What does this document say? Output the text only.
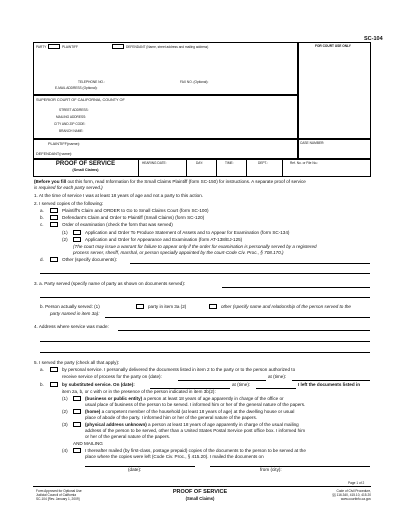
SC-104
FOR COURT USE ONLY
PARTY	PLAINTIFF	DEFENDANT (Name, street address and mailing address)
TELEPHONE NO.:	FAX NO. (Optional):
E-MAIL ADDRESS (Optional):
SUPERIOR COURT OF CALIFORNIA, COUNTY OF
STREET ADDRESS:
MAILING ADDRESS:
CITY AND ZIP CODE:
BRANCH NAME:
CASE NUMBER:
PLAINTIFF(name):
DEFENDANT(name):
PROOF OF SERVICE
(Small Claims)
HEARING DATE:	DAY:	TIME:	DEPT.:	Ref. No. or File No.:
(Before you fill out this form, read Information for the Small Claims Plaintiff (form SC-150) for instructions. A separate proof of service
is required for each party served.)
1. At the time of service I was at least 18 years of age and not a party to this action.
2. I served copies of the following:
a.	Plaintiff's Claim and ORDER to Go to Small Claims Court (form SC-100)
b.	Defendant's Claim and Order to Plaintiff (Small Claims) (form SC-120)
c.	Order of examination (check the form that was served)
(1)	Application and Order To Produce Statement of Assets and to Appear for Examination (form SC-134)
(2)	Application and Order for Appearance and Examination (form AT-138/EJ-125)
(The court may issue a warrant for failure to appear only if the order for examination is personally served by a registered
process server, sheriff, marshal, or person specially appointed by the court-Code Civ. Proc., § 708.170.)
d.	Other (specify documents):
3. a. Party served (specify name of party as shown on documents served):
b. Person actually served: (1)	party in item 3a (2)	other (specify name and relationship of the person served to the
party named in item 3a):
4. Address where service was made:
5. I served the party (check all that apply):
a.	by personal service. I personally delivered the documents listed in item 2 to the party or to the person authorized to
receive service of process for the party on (date):	at (time):
b.	by substituted service. On (date):	at (time):	I left the documents listed in
item 2a, b, or c with or in the presence of the person indicated in item 3b(2):
(1)	(business or public entity) a person at least 18 years of age apparently in charge of the office or
usual place of business of the person to be served. I informed him or her of the general nature of the papers.
(2)	(home) a competent member of the household (at least 18 years of age) at the dwelling house or usual
place of abode of the party. I informed him or her of the general nature of the papers.
(3)	(physical address unknown) a person at least 18 years of age apparently in charge of the usual mailing
address of the person to be served, other than a United States Postal Service post office box. I informed him
or her of the general nature of the papers.
AND MAILING
(4)	I thereafter mailed (by first-class, postage prepaid) copies of the documents to the person to be served at the
place where the copies were left (Code Civ. Proc., § 415.20). I mailed the documents on
(date):	from (city):
Page 1 of 2
Form Approved for Optional Use
Judicial Council of California
SC-104 [Rev. January 1, 2009]
PROOF OF SERVICE
(Small Claims)
Code of Civil Procedure,
§§ 116.340, 415.10, 415.20
www.courtinfo.ca.gov
